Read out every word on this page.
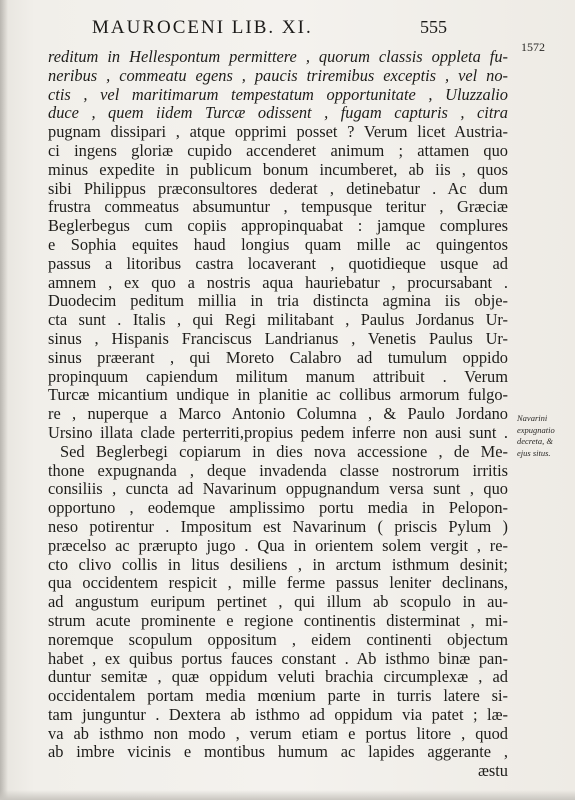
MAUROCENI LIB. XI.	555
1572
reditum in Hellespontum permittere , quorum classis oppleta fu-
neribus , commeatu egens , paucis triremibus exceptis , vel no-
ctis , vel maritimarum tempestatum opportunitate , Uluzzalio
duce , quem iidem Turcæ odissent , fugam capturis , citra
pugnam dissipari , atque opprimi posset ? Verum licet Austria-
ci ingens gloriæ cupido accenderet animum ; attamen quo
minus expedite in publicum bonum incumberet, ab iis , quos
sibi Philippus præconsultores dederat , detinebatur . Ac dum
frustra commeatus absumuntur , tempusque teritur , Græciæ
Beglerbegus cum copiis appropinquabat : jamque complures
e Sophia equites haud longius quam mille ac quingentos
passus a litoribus castra locaverant , quotidieque usque ad
amnem , ex quo a nostris aqua hauriebatur , procursabant .
Duodecim peditum millia in tria distincta agmina iis obje-
cta sunt . Italis , qui Regi militabant , Paulus Jordanus Ur-
sinus , Hispanis Franciscus Landrianus , Venetis Paulus Ur-
sinus præerant , qui Moreto Calabro ad tumulum oppido
propinquum capiendum militum manum attribuit . Verum
Turcæ micantium undique in planitie ac collibus armorum fulgo-
re , nuperque a Marco Antonio Columna , & Paulo Jordano
Ursino illata clade perterriti,propius pedem inferre non ausi sunt .
Sed Beglerbegi copiarum in dies nova accessione , de Me-
thone expugnanda , deque invadenda classe nostrorum irritis
consiliis , cuncta ad Navarinum oppugnandum versa sunt , quo
opportuno , eodemque amplissimo portu media in Pelopon-
neso potirentur . Impositum est Navarinum ( priscis Pylum )
præcelso ac prærupto jugo . Qua in orientem solem vergit , re-
cto clivo collis in litus desiliens , in arctum isthmum desinit;
qua occidentem respicit , mille ferme passus leniter declinans,
ad angustum euripum pertinet , qui illum ab scopulo in au-
strum acute prominente e regione continentis disterminat , mi-
noremque scopulum oppositum , eidem continenti objectum
habet , ex quibus portus fauces constant . Ab isthmo binæ pan-
duntur semitæ , quæ oppidum veluti brachia circumplexæ , ad
occidentalem portam media mœnium parte in turris latere si-
tam junguntur . Dextera ab isthmo ad oppidum via patet ; læ-
va ab isthmo non modo , verum etiam e portus litore , quod
ab imbre vicinis e montibus humum ac lapides aggerante ,
æstu
Navarini
expugnatio
decreta, &
ejus situs.
